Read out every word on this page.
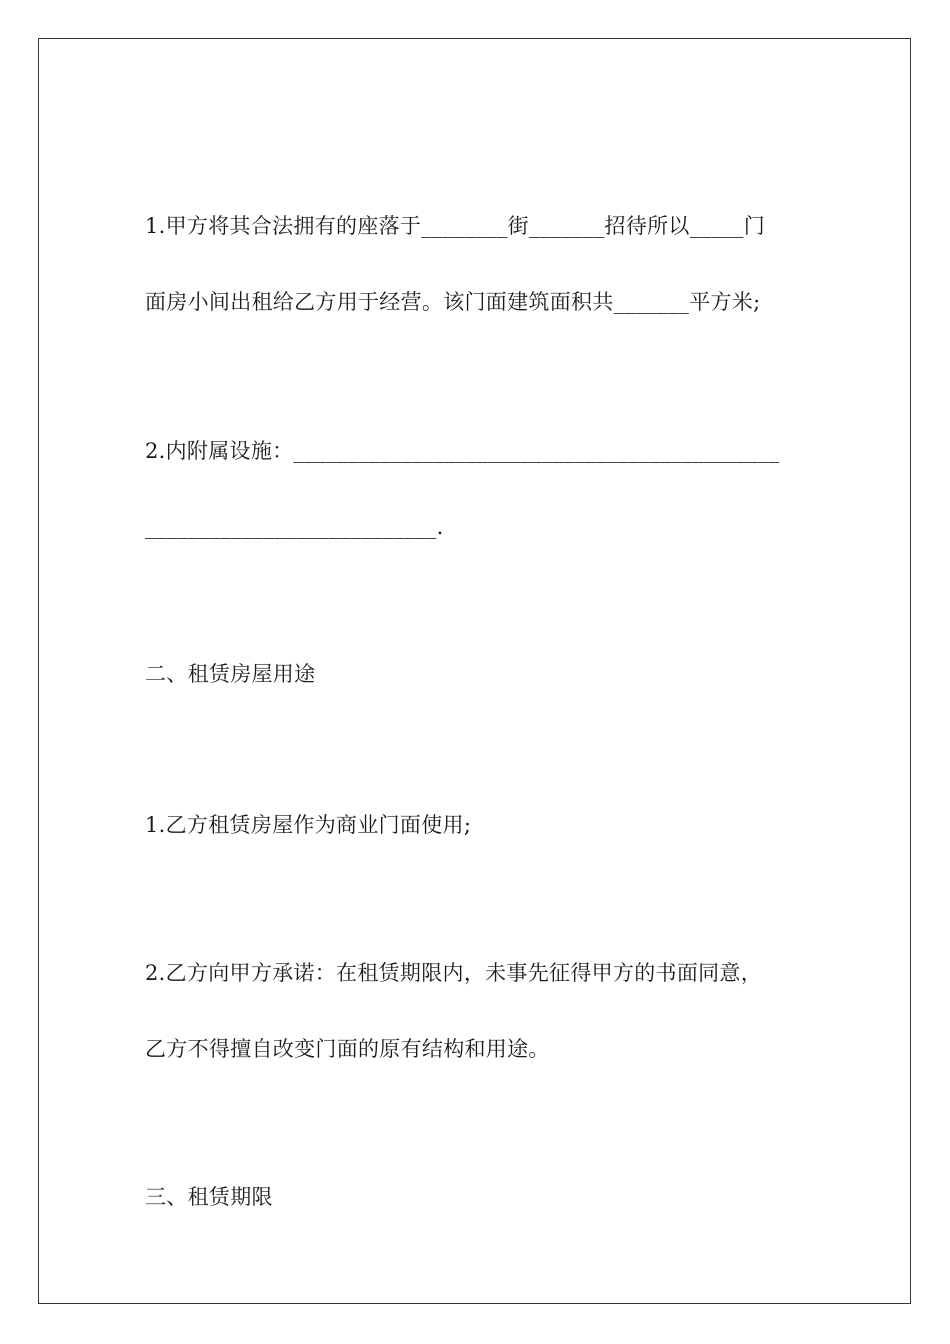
1.甲方将其合法拥有的座落于________街_______招待所以_____门
面房小间出租给乙方用于经营。该门面建筑面积共_______平方米;
2.内附属设施：_____________________________________________
___________________________.
二、租赁房屋用途
1.乙方租赁房屋作为商业门面使用;
2.乙方向甲方承诺：在租赁期限内，未事先征得甲方的书面同意，
乙方不得擅自改变门面的原有结构和用途。
三、租赁期限
